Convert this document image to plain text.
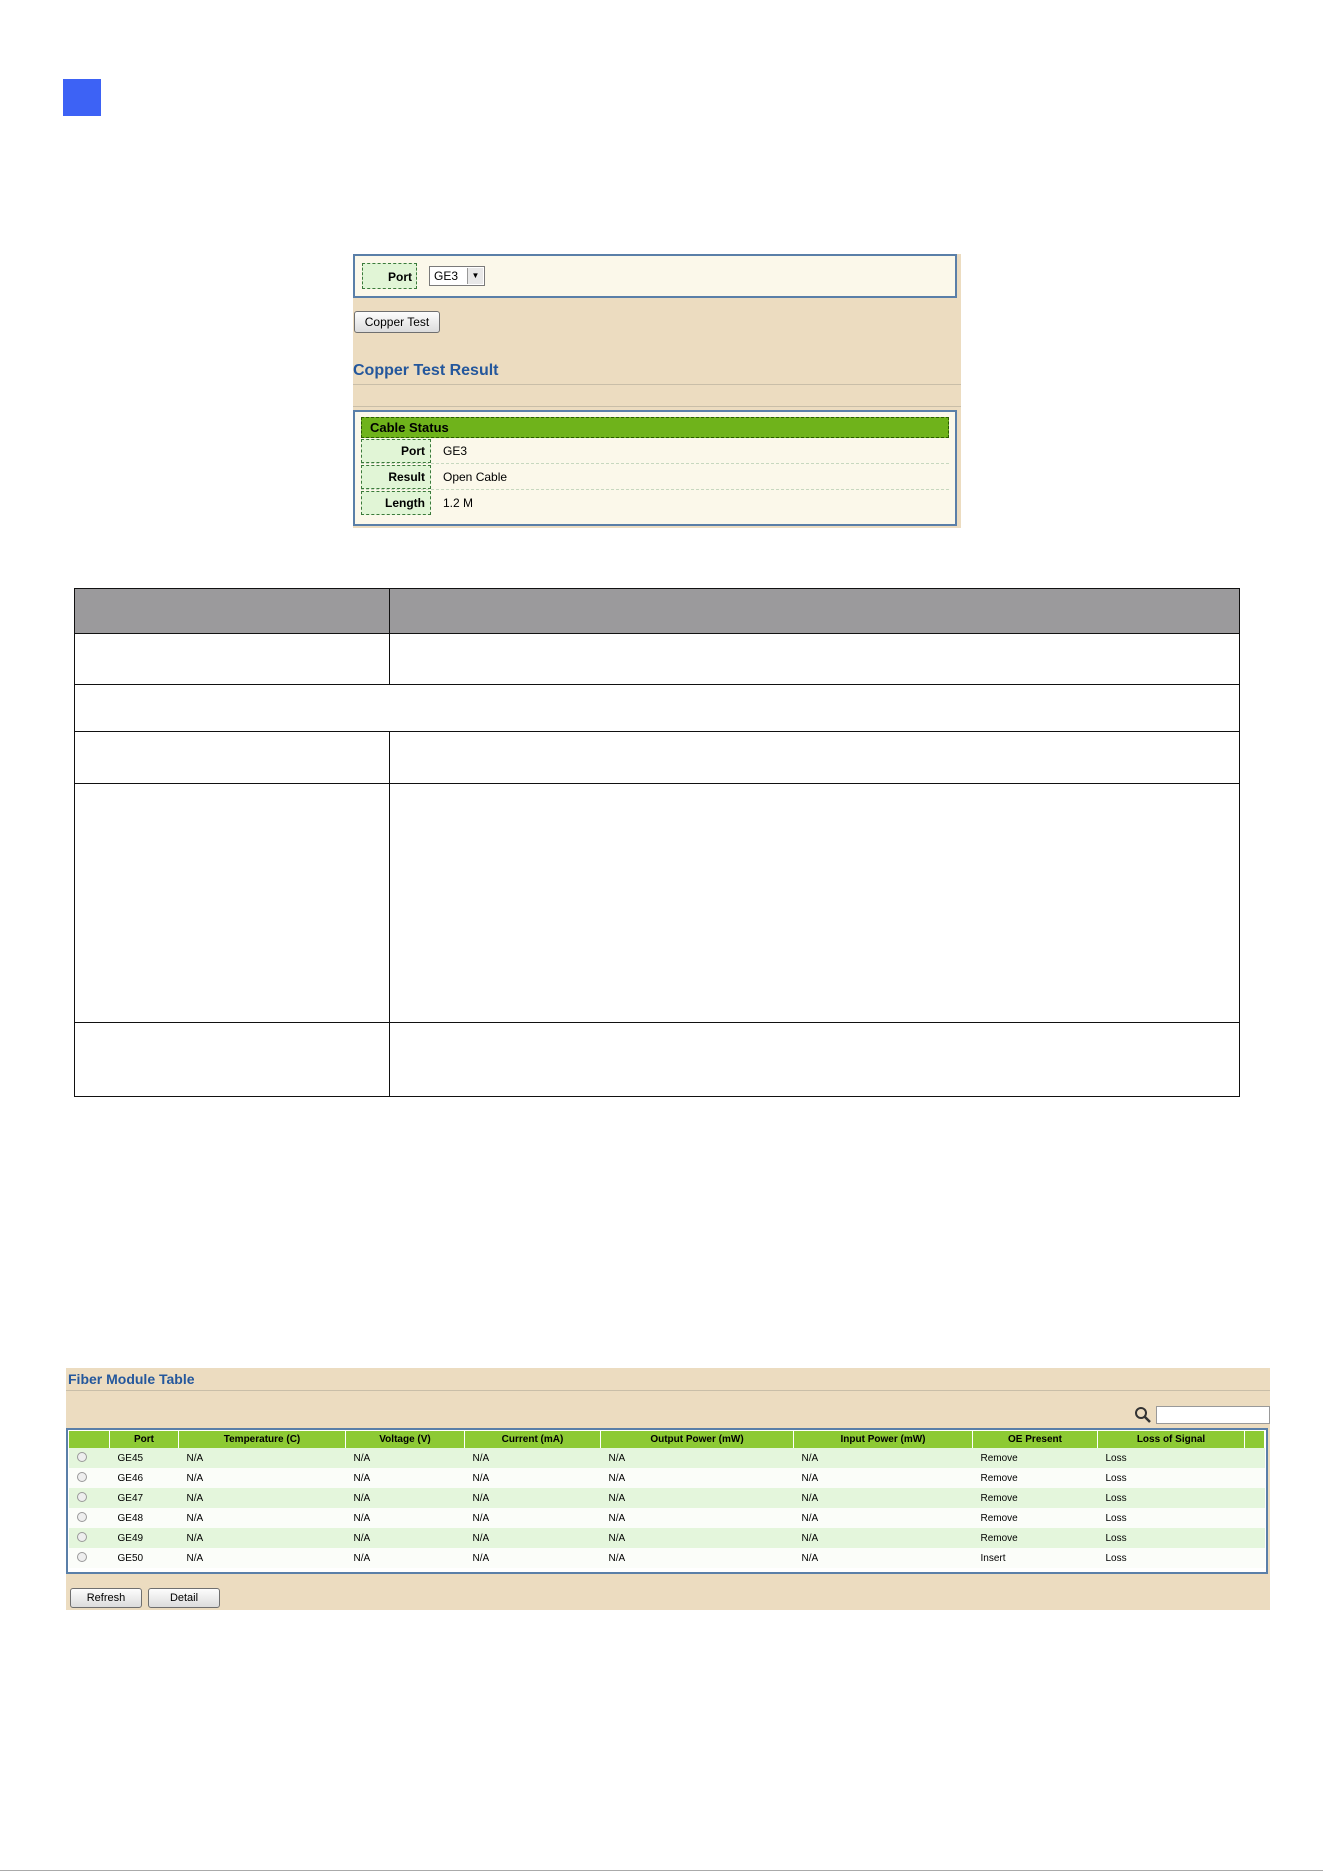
Port	GE3	▼
Copper Test
Copper Test Result
Cable Status
Port	GE3
Result	Open Cable
Length	1.2 M

Fiber Module Table
	Port	Temperature (C)	Voltage (V)	Current (mA)	Output Power (mW)	Input Power (mW)	OE Present	Loss of Signal	
	GE45	N/A	N/A	N/A	N/A	N/A	Remove	Loss	
	GE46	N/A	N/A	N/A	N/A	N/A	Remove	Loss	
	GE47	N/A	N/A	N/A	N/A	N/A	Remove	Loss	
	GE48	N/A	N/A	N/A	N/A	N/A	Remove	Loss	
	GE49	N/A	N/A	N/A	N/A	N/A	Remove	Loss	
	GE50	N/A	N/A	N/A	N/A	N/A	Insert	Loss	
Refresh	Detail
